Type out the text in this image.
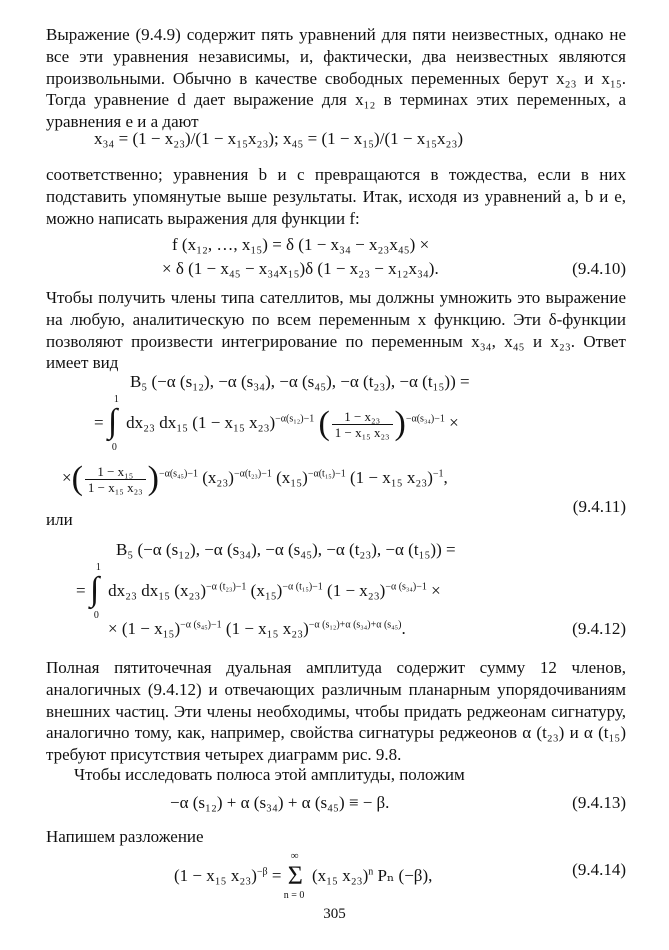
Выражение (9.4.9) содержит пять уравнений для пяти неизвестных, однако не все эти уравнения независимы, и, фактически, два неизвестных являются произвольными. Обычно в качестве свободных переменных берут x₂₃ и x₁₅. Тогда уравнение d дает выражение для x₁₂ в терминах этих переменных, а уравнения e и a дают

x₃₄ = (1 − x₂₃)/(1 − x₁₅x₂₃); x₄₅ = (1 − x₁₅)/(1 − x₁₅x₂₃)

соответственно; уравнения b и c превращаются в тождества, если в них подставить упомянутые выше результаты. Итак, исходя из уравнений a, b и e, можно написать выражения для функции f:

f (x₁₂, …, x₁₅) = δ (1 − x₃₄ − x₂₃x₄₅) ×
× δ (1 − x₄₅ − x₃₄x₁₅)δ (1 − x₂₃ − x₁₂x₃₄).	(9.4.10)

Чтобы получить члены типа сателлитов, мы должны умножить это выражение на любую, аналитическую по всем переменным x функцию. Эти δ-функции позволяют произвести интегрирование по переменным x₃₄, x₄₅ и x₂₃. Ответ имеет вид

B₅ (−α (s₁₂), −α (s₃₄), −α (s₄₅), −α (t₂₃), −α (t₁₅)) =
= ∫
1
0
dx₂₃ dx₁₅ (1 − x₁₅ x₂₃)$^{-\alpha(s_{12})-1}$ ( $\frac{\text{1 − x₂₃}}{\text{1 − x₁₅ x₂₃}} )^{-\alpha(s_{34})-1}$ ×
×( $\frac{\text{1 − x₁₅}}{\text{1 − x₁₅ x₂₃}} )^{-\alpha(s_{45})-1}$ $(x_{23})^{-\alpha(t_{23})-1}$ $(x_{15})^{-\alpha(t_{15})-1}$ (1 − x₁₅ x₂₃)$^{-1}$,
(9.4.11)

или

B₅ (−α (s₁₂), −α (s₃₄), −α (s₄₅), −α (t₂₃), −α (t₁₅)) =
= ∫
1
0
dx₂₃ dx₁₅ $(x_{23})^{-\alpha (t_{23})-1}$ $(x_{15})^{-\alpha (t_{15})-1}$ $(1 - x_{23})^{-\alpha (s_{34})-1}$ ×
× $(1 - x_{15})^{-\alpha (s_{45})-1}$ (1 − x₁₅ x₂₃)$^{-\alpha (s_{12})+\alpha (s_{34})+\alpha (s_{45})}$.	(9.4.12)

Полная пятиточечная дуальная амплитуда содержит сумму 12 членов, аналогичных (9.4.12) и отвечающих различным планарным упорядочиваниям внешних частиц. Эти члены необходимы, чтобы придать реджеонам сигнатуру, аналогично тому, как, например, свойства сигнатуры реджеонов α (t₂₃) и α (t₁₅) требуют присутствия четырех диаграмм рис. 9.8.

Чтобы исследовать полюса этой амплитуды, положим

−α (s₁₂) + α (s₃₄) + α (s₄₅) ≡ − β.	(9.4.13)

Напишем разложение

(1 − x₁₅ x₂₃)$^{-\beta}$ = Σ
∞
n = 0
(x₁₅ x₂₃)$^n$ Pₙ (−β),	(9.4.14)
305
